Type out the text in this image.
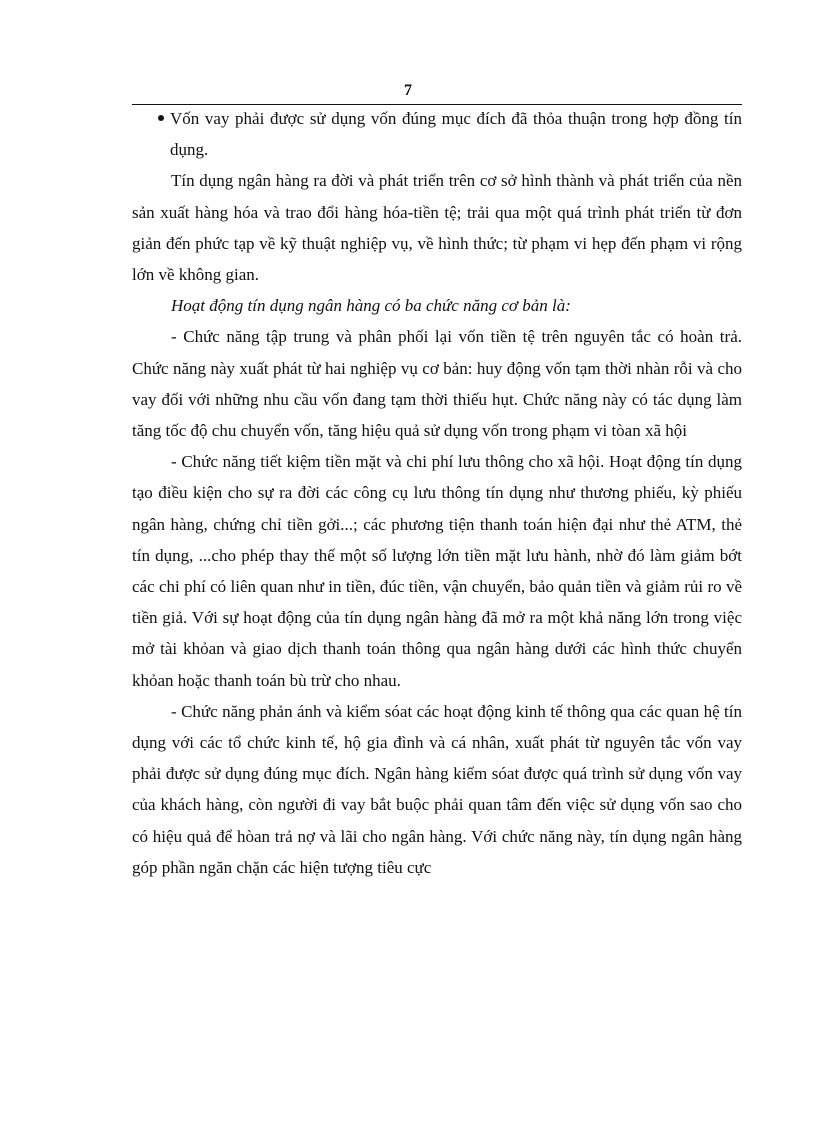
7

Vốn vay phải được sử dụng vốn đúng mục đích đã thỏa thuận trong hợp đồng tín dụng.

Tín dụng ngân hàng ra đời và phát triển trên cơ sở hình thành và phát triển của nền sản xuất hàng hóa và trao đổi hàng hóa-tiền tệ; trải qua một quá trình phát triển từ đơn giản đến phức tạp về kỹ thuật nghiệp vụ, về hình thức; từ phạm vi hẹp đến phạm vi rộng lớn về không gian.

Hoạt động tín dụng ngân hàng có ba chức năng cơ bản là:

- Chức năng tập trung và phân phối lại vốn tiền tệ trên nguyên tắc có hoàn trả. Chức năng này xuất phát từ hai nghiệp vụ cơ bản: huy động vốn tạm thời nhàn rỗi và cho vay đối với những nhu cầu vốn đang tạm thời thiếu hụt. Chức năng này có tác dụng làm tăng tốc độ chu chuyển vốn, tăng hiệu quả sử dụng vốn trong phạm vi tòan xã hội

- Chức năng tiết kiệm tiền mặt và chi phí lưu thông cho xã hội. Hoạt động tín dụng tạo điều kiện cho sự ra đời các công cụ lưu thông tín dụng như thương phiếu, kỳ phiếu ngân hàng, chứng chỉ tiền gởi...; các phương tiện thanh toán hiện đại như thẻ ATM, thẻ tín dụng, ...cho phép thay thế một số lượng lớn tiền mặt lưu hành, nhờ đó làm giảm bớt các chi phí có liên quan như in tiền, đúc tiền, vận chuyển, bảo quản tiền và giảm rủi ro về tiền giả. Với sự hoạt động của tín dụng ngân hàng đã mở ra một khả năng lớn trong việc mở tài khỏan và giao dịch thanh toán thông qua ngân hàng dưới các hình thức chuyển khỏan hoặc thanh toán bù trừ cho nhau.

- Chức năng phản ánh và kiểm sóat các hoạt động kinh tế thông qua các quan hệ tín dụng với các tổ chức kinh tế, hộ gia đình và cá nhân, xuất phát từ nguyên tắc vốn vay phải được sử dụng đúng mục đích. Ngân hàng kiểm sóat được quá trình sử dụng vốn vay của khách hàng, còn người đi vay bắt buộc phải quan tâm đến việc sử dụng vốn sao cho có hiệu quả để hòan trả nợ và lãi cho ngân hàng. Với chức năng này, tín dụng ngân hàng góp phần ngăn chặn các hiện tượng tiêu cực
